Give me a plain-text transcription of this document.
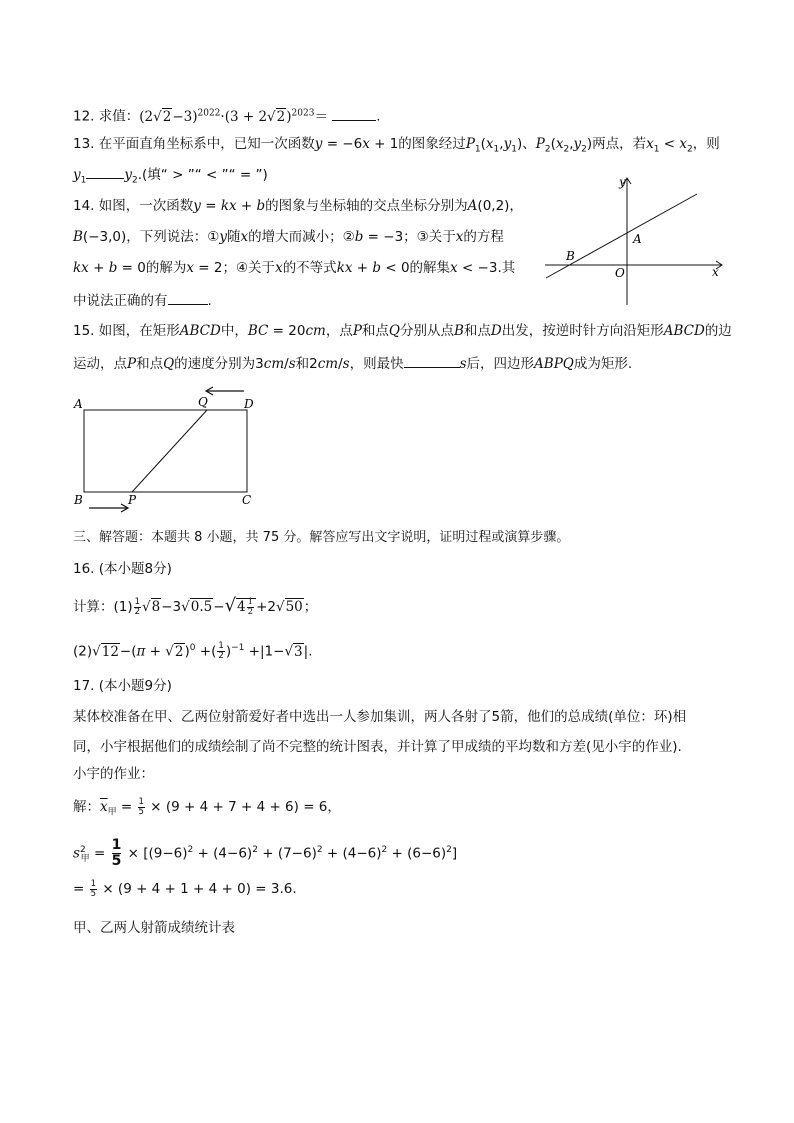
12. 求值：$(2√2-3)^{2022}\cdot(3 + 2√2)^{2023}=$	.
13. 在平面直角坐标系中，已知一次函数y = −6x + 1的图象经过$P_1(x_1,y_1)$、$P_2(x_2,y_2)$两点，若$x_1 < x_2$，则
$y_1$	$y_2$.(填“ > ”“ < ”“ = ”)
14. 如图，一次函数y = kx + b的图象与坐标轴的交点坐标分别为A(0,2)，
B(−3,0)，下列说法：①y随x的增大而减小；②b = −3；③关于x的方程
kx + b = 0的解为x = 2；④关于x的不等式kx + b < 0的解集x < −3.其
中说法正确的有	.
y
x
O
A
B
15. 如图，在矩形ABCD中，BC = 20cm，点P和点Q分别从点B和点D出发，按逆时针方向沿矩形ABCD的边
运动，点P和点Q的速度分别为3cm/s和2cm/s，则最快	s后，四边形ABPQ成为矩形.
A	Q	D
B	P	C
三、解答题：本题共 8 小题，共 75 分。解答应写出文字说明，证明过程或演算步骤。
16. (本小题8分)
计算：$(1) \frac{1}{2} √8-3√0.5-√4 \frac{1}{2} +2√50$；
$(2)√12-(\pi + √2)^0$ +( $\frac{1}{2} )^{-1} +|1-√3|$.
17. (本小题9分)
某体校准备在甲、乙两位射箭爱好者中选出一人参加集训，两人各射了5箭，他们的总成绩(单位：环)相
同，小宇根据他们的成绩绘制了尚不完整的统计图表，并计算了甲成绩的平均数和方差(见小宇的作业).
小宇的作业：
解：$\overline{x}_甲 = \frac{1}{5} \times (9 + 4 + 7 + 4 + 6) = 6$，
$s^2_甲 = \frac{1}{5} \times [(9-6)^2 + (4-6)^2 + (7-6)^2 + (4-6)^2 + (6-6)^2]$
= $\frac{1}{5} \times (9 + 4 + 1 + 4 + 0) = 3.6$.
甲、乙两人射箭成绩统计表
